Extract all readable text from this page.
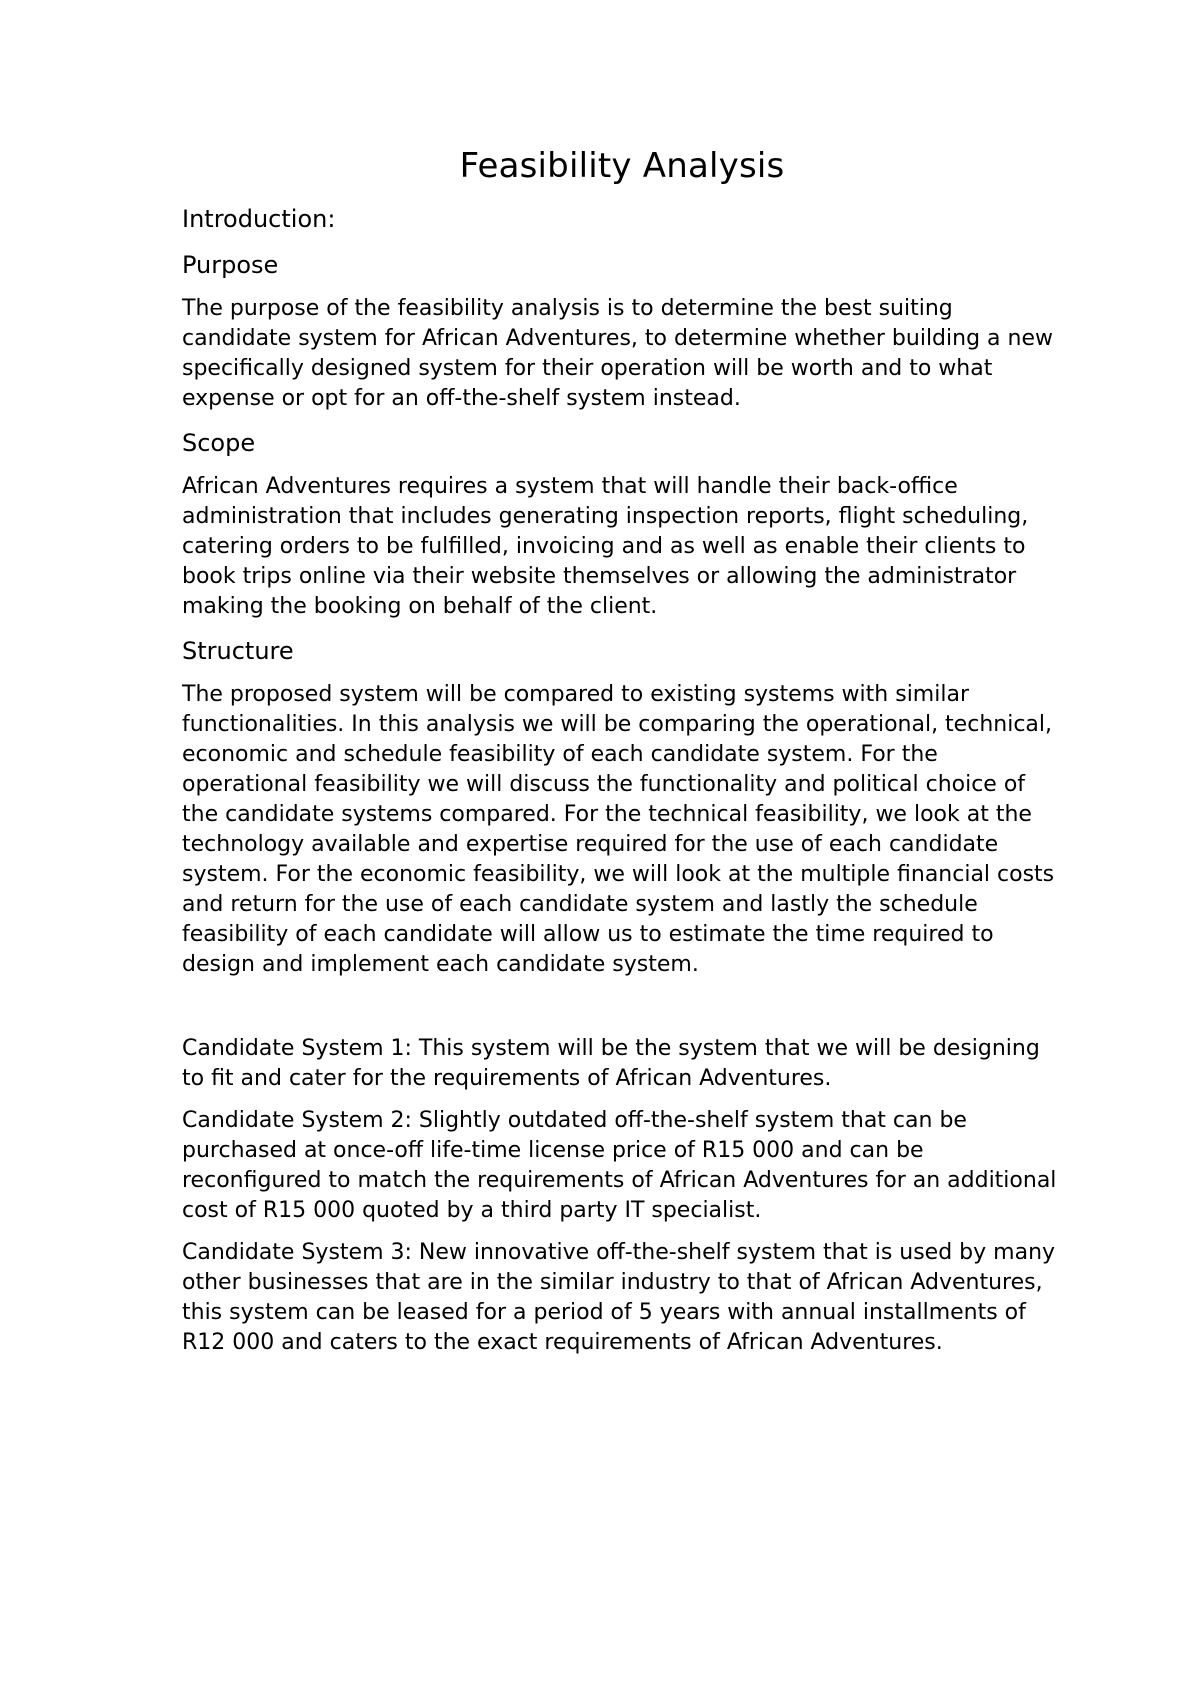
Feasibility Analysis
Introduction:
Purpose

The purpose of the feasibility analysis is to determine the best suiting candidate system for African Adventures, to determine whether building a new specifically designed system for their operation will be worth and to what expense or opt for an off-the-shelf system instead.

Scope

African Adventures requires a system that will handle their back-office administration that includes generating inspection reports, flight scheduling, catering orders to be fulfilled, invoicing and as well as enable their clients to book trips online via their website themselves or allowing the administrator making the booking on behalf of the client.

Structure

The proposed system will be compared to existing systems with similar functionalities. In this analysis we will be comparing the operational, technical, economic and schedule feasibility of each candidate system. For the operational feasibility we will discuss the functionality and political choice of the candidate systems compared. For the technical feasibility, we look at the technology available and expertise required for the use of each candidate system. For the economic feasibility, we will look at the multiple financial costs and return for the use of each candidate system and lastly the schedule feasibility of each candidate will allow us to estimate the time required to design and implement each candidate system.

Candidate System 1: This system will be the system that we will be designing to fit and cater for the requirements of African Adventures.

Candidate System 2: Slightly outdated off-the-shelf system that can be purchased at once-off life-time license price of R15 000 and can be reconfigured to match the requirements of African Adventures for an additional cost of R15 000 quoted by a third party IT specialist.

Candidate System 3: New innovative off-the-shelf system that is used by many other businesses that are in the similar industry to that of African Adventures, this system can be leased for a period of 5 years with annual installments of R12 000 and caters to the exact requirements of African Adventures.
